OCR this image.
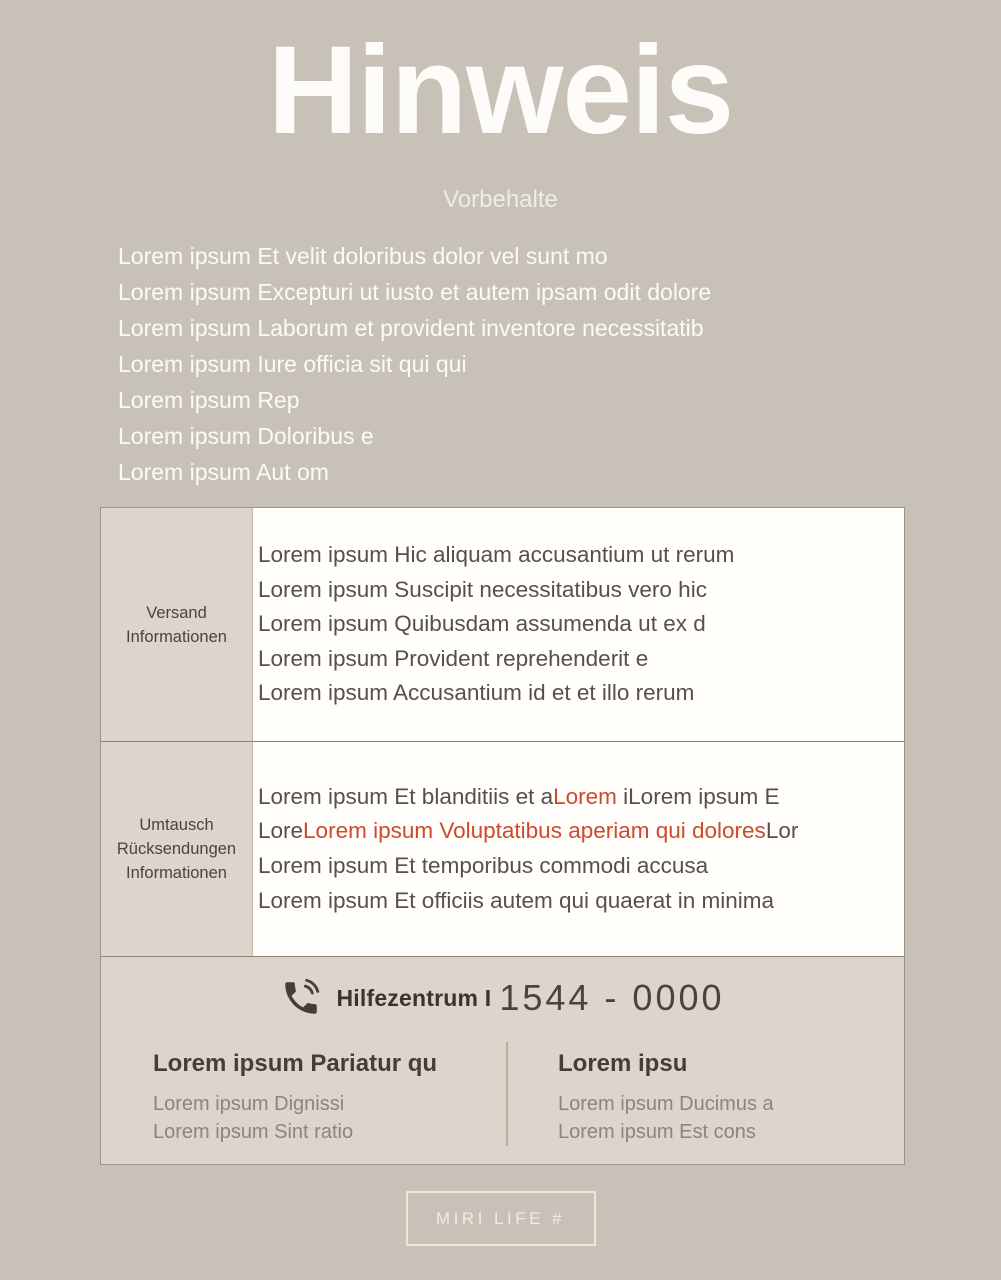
Hinweis
Vorbehalte
Lorem ipsum Et velit doloribus dolor vel sunt mo
Lorem ipsum Excepturi ut iusto et autem ipsam odit dolore
Lorem ipsum Laborum et provident inventore necessitatib
Lorem ipsum Iure officia sit qui qui
Lorem ipsum Rep
Lorem ipsum Doloribus e
Lorem ipsum Aut om
Versand
Informationen
Lorem ipsum Hic aliquam accusantium ut rerum
Lorem ipsum Suscipit necessitatibus vero hic
Lorem ipsum Quibusdam assumenda ut ex d
Lorem ipsum Provident reprehenderit e
Lorem ipsum Accusantium id et et illo rerum
Umtausch
Rücksendungen
Informationen
Lorem ipsum Et blanditiis et aLorem iLorem ipsum E
LoreLorem ipsum Voluptatibus aperiam qui doloresLor
Lorem ipsum Et temporibus commodi accusa
Lorem ipsum Et officiis autem qui quaerat in minima
Hilfezentrum I 1544 - 0000
Lorem ipsum Pariatur qu
Lorem ipsum Dignissi
Lorem ipsum Sint ratio
Lorem ipsu
Lorem ipsum Ducimus a
Lorem ipsum Est cons
MIRI LIFE #
